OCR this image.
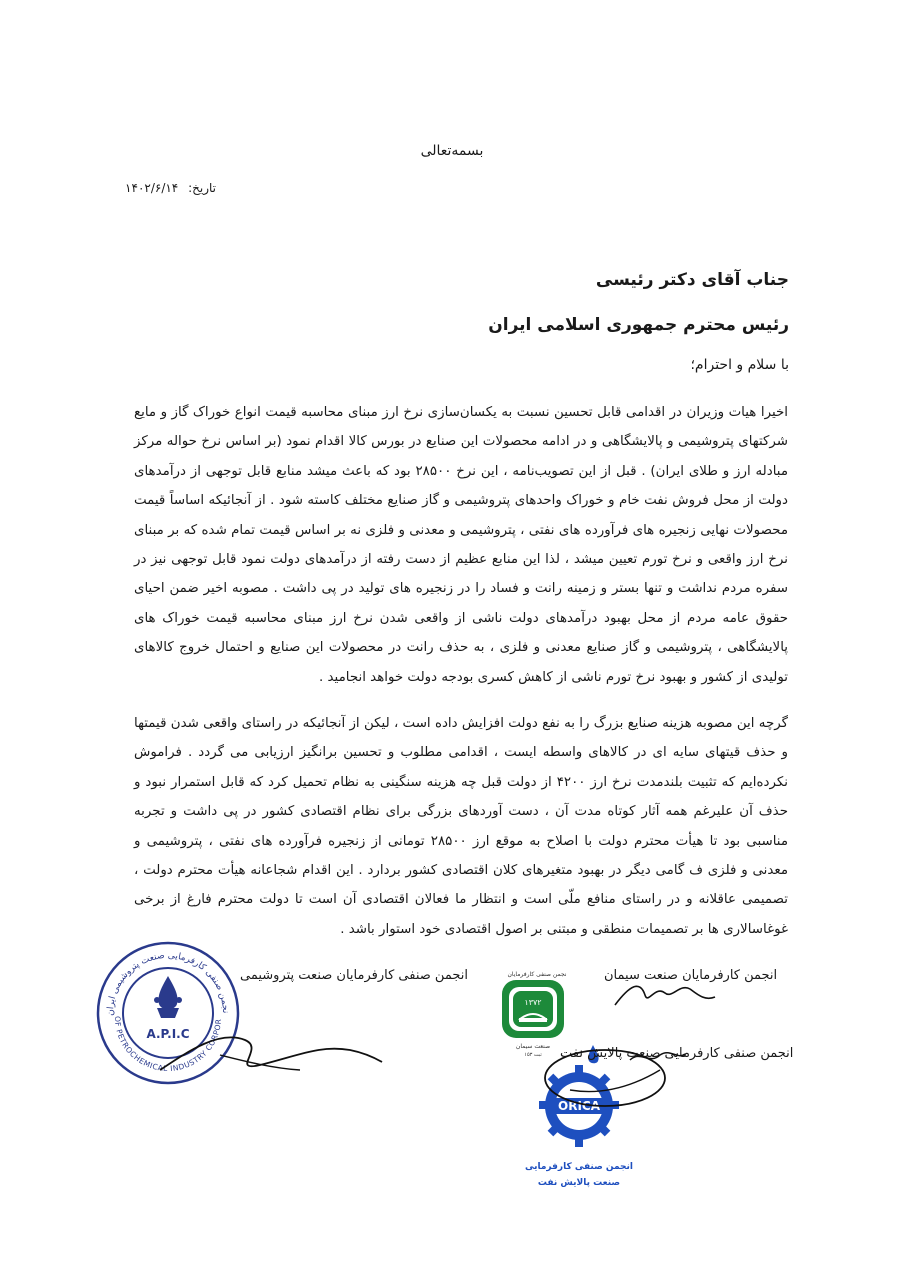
بسمه‌تعالی
تاریخ: ۱۴۰۲/۶/۱۴
جناب آقای دکتر رئیسی
رئیس محترم جمهوری اسلامی ایران
با سلام و احترام؛
اخیرا هیات وزیران در اقدامی قابل تحسین نسبت به یکسان‌سازی نرخ ارز مبنای محاسبه قیمت انواع خوراک گاز و مایع شرکتهای پتروشیمی و پالایشگاهی و در ادامه محصولات این صنایع در بورس کالا اقدام نمود (بر اساس نرخ حواله مرکز مبادله ارز و طلای ایران) . قبل از این تصویب‌نامه ، این نرخ ۲۸۵۰۰ بود که باعث میشد منابع قابل توجهی از درآمدهای دولت از محل فروش نفت خام و خوراک واحدهای پتروشیمی و گاز صنایع مختلف کاسته شود . از آنجائیکه اساساً قیمت محصولات نهایی زنجیره های فرآورده های نفتی ، پتروشیمی و معدنی و فلزی نه بر اساس قیمت تمام شده که بر مبنای نرخ ارز واقعی و نرخ تورم تعیین میشد ، لذا این منابع عظیم از دست رفته از درآمدهای دولت نمود قابل توجهی نیز در سفره مردم نداشت و تنها بستر و زمینه رانت و فساد را در زنجیره های تولید در پی داشت . مصوبه اخیر ضمن احیای حقوق عامه مردم از محل بهبود درآمدهای دولت ناشی از واقعی شدن نرخ ارز مبنای محاسبه قیمت خوراک های پالایشگاهی ، پتروشیمی و گاز صنایع معدنی و فلزی ، به حذف رانت در محصولات این صنایع و احتمال خروج کالاهای تولیدی از کشور و بهبود نرخ تورم ناشی از کاهش کسری بودجه دولت خواهد انجامید .
گرچه این مصوبه هزینه صنایع بزرگ را به نفع دولت افزایش داده است ، لیکن از آنجائیکه در راستای واقعی شدن قیمتها و حذف قیتهای سایه ای در کالاهای واسطه ایست ، اقدامی مطلوب و تحسین برانگیز ارزیابی می گردد . فراموش نکرده‌ایم که تثبیت بلندمدت نرخ ارز ۴۲۰۰ از دولت قبل چه هزینه سنگینی به نظام تحمیل کرد که قابل استمرار نبود و حذف آن علیرغم همه آثار کوتاه مدت آن ، دست آوردهای بزرگی برای نظام اقتصادی کشور در پی داشت و تجربه مناسبی بود تا هیأت محترم دولت با اصلاح به موقع ارز ۲۸۵۰۰ تومانی از زنجیره فرآورده های نفتی ، پتروشیمی و معدنی و فلزی ف گامی دیگر در بهبود متغیرهای کلان اقتصادی کشور بردارد . این اقدام شجاعانه هیأت محترم دولت ، تصمیمی عاقلانه و در راستای منافع ملّی است و انتظار ما فعالان اقتصادی آن است تا دولت محترم فارغ از برخی غوغاسالاری ها بر تصمیمات منطقی و مبتنی بر اصول اقتصادی خود استوار باشد .
نجمن صنفی کارفرمایی صنعت پتروشیمی ایران
OF PETROCHEMICAL INDUSTRY CORPOR
A.P.I.C
نجمن صنفی کارفرمایان
۱۳۷۲
صنعت سیمان
ثبت ۱۵۳
ORICA
انجمن صنفی کارفرمایی
صنعت پالایش نفت
انجمن صنفی کارفرمایان صنعت پتروشیمی	انجمن کارفرمایان صنعت سیمان
انجمن صنفی کارفرمایی صنعت پالایش نفت
